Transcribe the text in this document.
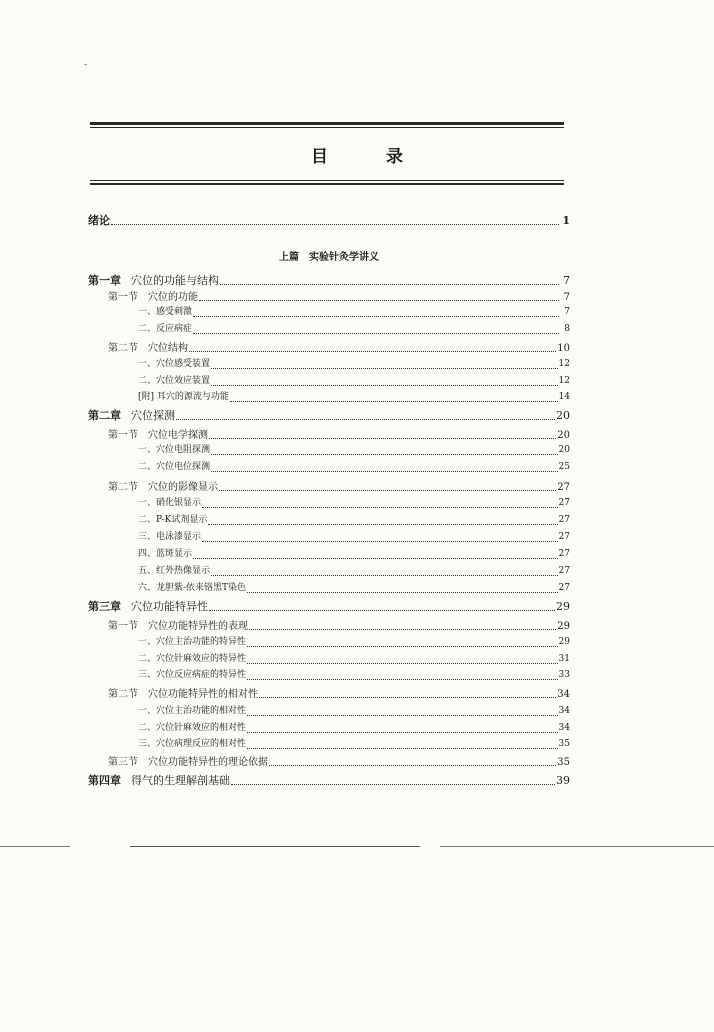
-
目 录
上篇 实验针灸学讲义
绪论	1
第一章 穴位的功能与结构	7
第一节 穴位的功能	7
一、感受刺激	7
二、反应病症	8
第二节 穴位结构	10
一、穴位感受装置	12
二、穴位效应装置	12
[附] 耳穴的源流与功能	14
第二章 穴位探测	20
第一节 穴位电学探测	20
一、穴位电阻探测	20
二、穴位电位探测	25
第二节 穴位的影像显示	27
一、硝化银显示	27
二、P-K试剂显示	27
三、电泳漆显示	27
四、蓝斑显示	27
五、红外热像显示	27
六、龙胆紫-依来铬黑T染色	27
第三章 穴位功能特异性	29
第一节 穴位功能特异性的表现	29
一、穴位主治功能的特异性	29
二、穴位针麻效应的特异性	31
三、穴位反应病症的特异性	33
第二节 穴位功能特异性的相对性	34
一、穴位主治功能的相对性	34
二、穴位针麻效应的相对性	34
三、穴位病理反应的相对性	35
第三节 穴位功能特异性的理论依据	35
第四章 得气的生理解剖基础	39
